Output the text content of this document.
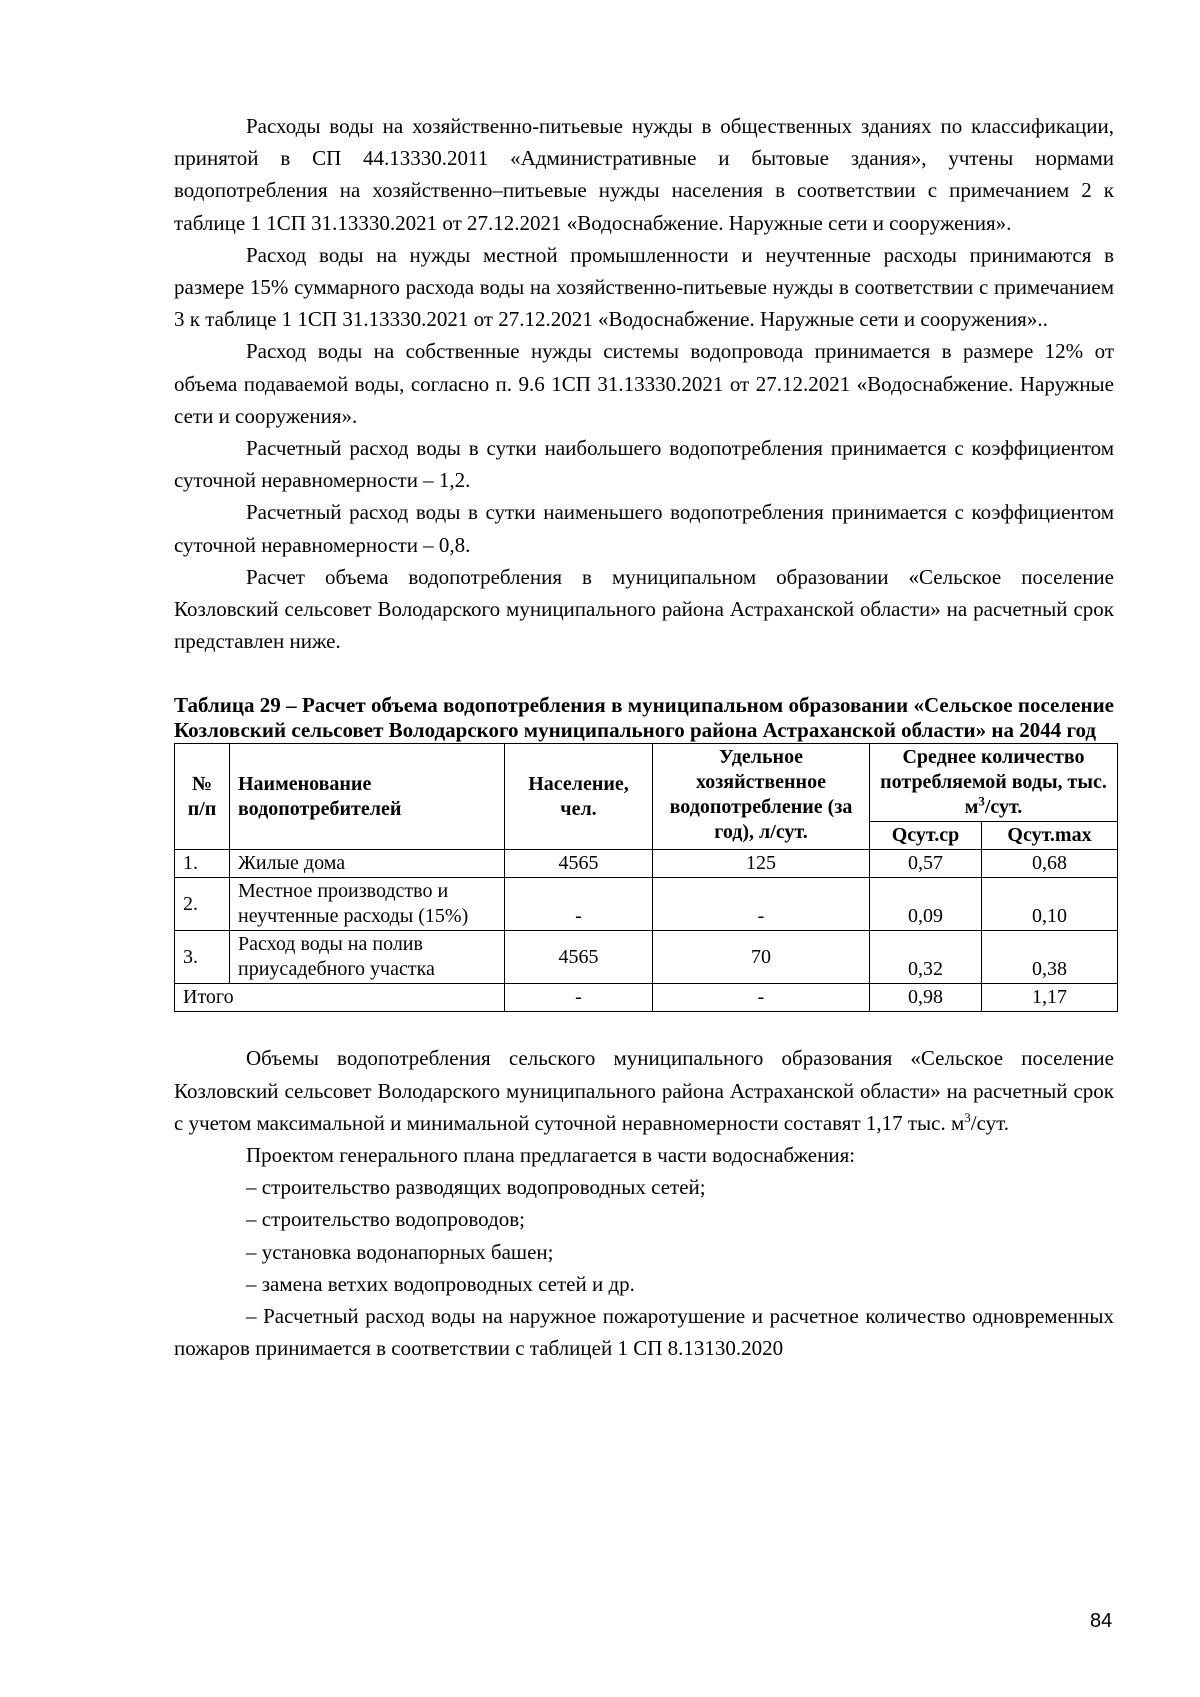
Расходы воды на хозяйственно-питьевые нужды в общественных зданиях по классификации, принятой в СП 44.13330.2011 «Административные и бытовые здания», учтены нормами водопотребления на хозяйственно–питьевые нужды населения в соответствии с примечанием 2 к таблице 1 1СП 31.13330.2021 от 27.12.2021 «Водоснабжение. Наружные сети и сооружения».

Расход воды на нужды местной промышленности и неучтенные расходы принимаются в размере 15% суммарного расхода воды на хозяйственно-питьевые нужды в соответствии с примечанием 3 к таблице 1 1СП 31.13330.2021 от 27.12.2021 «Водоснабжение. Наружные сети и сооружения»..

Расход воды на собственные нужды системы водопровода принимается в размере 12% от объема подаваемой воды, согласно п. 9.6 1СП 31.13330.2021 от 27.12.2021 «Водоснабжение. Наружные сети и сооружения».

Расчетный расход воды в сутки наибольшего водопотребления принимается с коэффициентом суточной неравномерности – 1,2.

Расчетный расход воды в сутки наименьшего водопотребления принимается с коэффициентом суточной неравномерности – 0,8.

Расчет объема водопотребления в муниципальном образовании «Сельское поселение Козловский сельсовет Володарского муниципального района Астраханской области» на расчетный срок представлен ниже.

Таблица 29 – Расчет объема водопотребления в муниципальном образовании «Сельское поселение Козловский сельсовет Володарского муниципального района Астраханской области» на 2044 год
№ п/п	Наименование водопотребителей	Население, чел.	Удельное хозяйственное водопотребление (за год), л/сут.	Среднее количество потребляемой воды, тыс. $м^3$/сут.	
				Qсут.ср	Qсут.max
1.	Жилые дома	4565	125	0,57	0,68
2.	Местное производство и неучтенные расходы (15%)	-	-	0,09	0,10
3.	Расход воды на полив приусадебного участка	4565	70	0,32	0,38
Итого		-	-	0,98	1,17

Объемы водопотребления сельского муниципального образования «Сельское поселение Козловский сельсовет Володарского муниципального района Астраханской области» на расчетный срок с учетом максимальной и минимальной суточной неравномерности составят 1,17 тыс. $м^3$/сут.

Проектом генерального плана предлагается в части водоснабжения:

– строительство разводящих водопроводных сетей;
– строительство водопроводов;
– установка водонапорных башен;
– замена ветхих водопроводных сетей и др.

– Расчетный расход воды на наружное пожаротушение и расчетное количество одновременных пожаров принимается в соответствии с таблицей 1 СП 8.13130.2020

84
